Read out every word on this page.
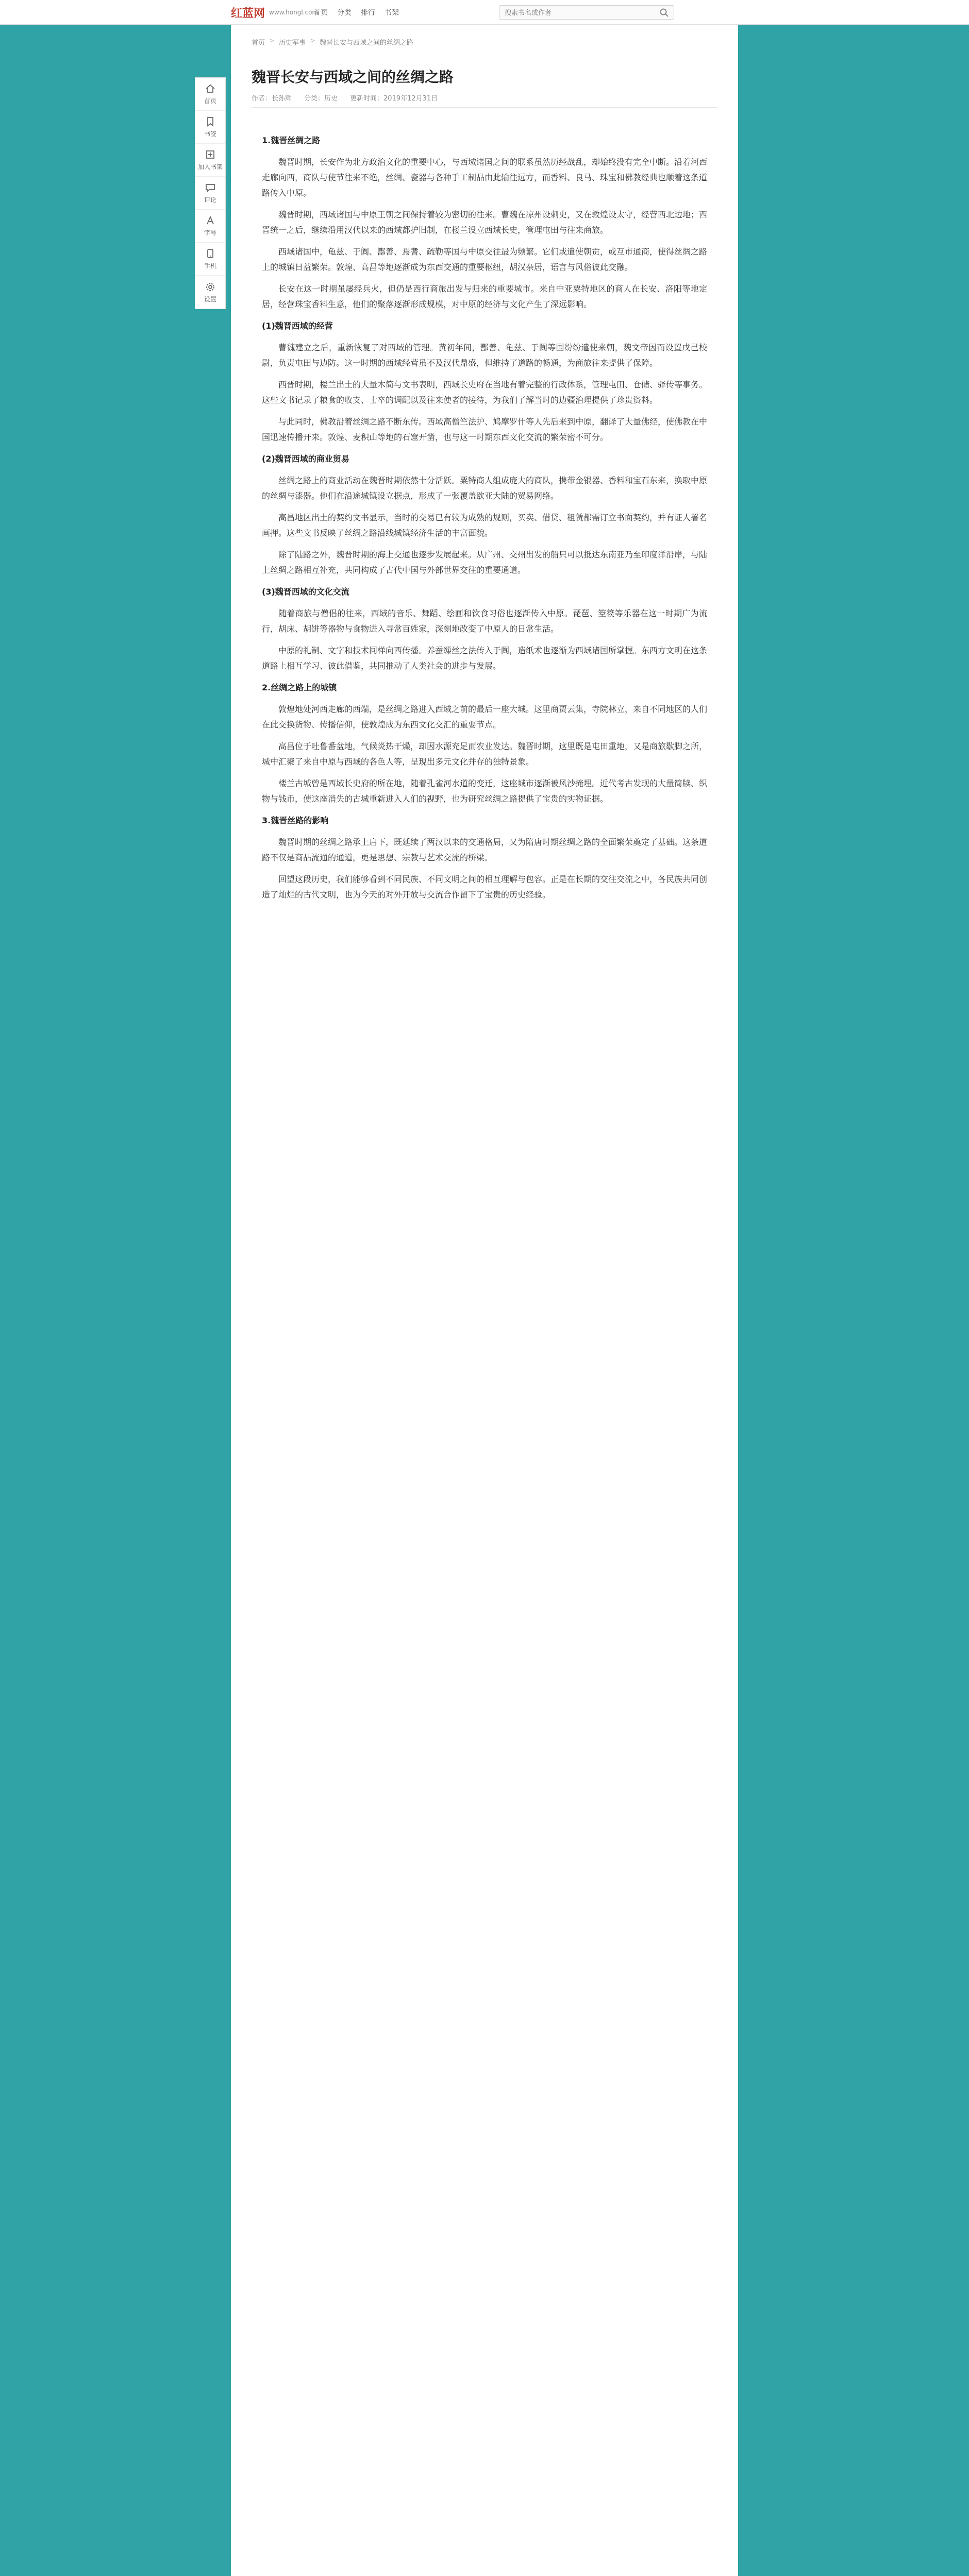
红蓝网 www.hongl.com
首页 分类 排行 书架
搜索书名或作者
首页
书签
加入书架
评论
字号
手机
设置
首页 > 历史军事 > 魏晋长安与西域之间的丝绸之路
魏晋长安与西域之间的丝绸之路
作者：长孙辉 分类：历史 更新时间：2019年12月31日

1.魏晋丝绸之路

魏晋时期，长安作为北方政治文化的重要中心，与西域诸国之间的联系虽然历经战乱，却始终没有完全中断。沿着河西走廊向西，商队与使节往来不绝，丝绸、瓷器与各种手工制品由此输往远方，而香料、良马、珠宝和佛教经典也顺着这条道路传入中原。

魏晋时期，西域诸国与中原王朝之间保持着较为密切的往来。曹魏在凉州设刺史，又在敦煌设太守，经营西北边地；西晋统一之后，继续沿用汉代以来的西域都护旧制，在楼兰设立西域长史，管理屯田与往来商旅。

西域诸国中，龟兹、于阗、鄯善、焉耆、疏勒等国与中原交往最为频繁。它们或遣使朝贡，或互市通商，使得丝绸之路上的城镇日益繁荣。敦煌、高昌等地逐渐成为东西交通的重要枢纽，胡汉杂居，语言与风俗彼此交融。

长安在这一时期虽屡经兵火，但仍是西行商旅出发与归来的重要城市。来自中亚粟特地区的商人在长安、洛阳等地定居，经营珠宝香料生意，他们的聚落逐渐形成规模，对中原的经济与文化产生了深远影响。

(1)魏晋西域的经营

曹魏建立之后，重新恢复了对西域的管理。黄初年间，鄯善、龟兹、于阗等国纷纷遣使来朝，魏文帝因而设置戊己校尉，负责屯田与边防。这一时期的西域经营虽不及汉代鼎盛，但维持了道路的畅通，为商旅往来提供了保障。

西晋时期，楼兰出土的大量木简与文书表明，西域长史府在当地有着完整的行政体系，管理屯田、仓储、驿传等事务。这些文书记录了粮食的收支、士卒的调配以及往来使者的接待，为我们了解当时的边疆治理提供了珍贵资料。

与此同时，佛教沿着丝绸之路不断东传。西域高僧竺法护、鸠摩罗什等人先后来到中原，翻译了大量佛经，使佛教在中国迅速传播开来。敦煌、麦积山等地的石窟开凿，也与这一时期东西文化交流的繁荣密不可分。

(2)魏晋西域的商业贸易

丝绸之路上的商业活动在魏晋时期依然十分活跃。粟特商人组成庞大的商队，携带金银器、香料和宝石东来，换取中原的丝绸与漆器。他们在沿途城镇设立据点，形成了一张覆盖欧亚大陆的贸易网络。

高昌地区出土的契约文书显示，当时的交易已有较为成熟的规则，买卖、借贷、租赁都需订立书面契约，并有证人署名画押。这些文书反映了丝绸之路沿线城镇经济生活的丰富面貌。

除了陆路之外，魏晋时期的海上交通也逐步发展起来。从广州、交州出发的船只可以抵达东南亚乃至印度洋沿岸，与陆上丝绸之路相互补充，共同构成了古代中国与外部世界交往的重要通道。

(3)魏晋西域的文化交流

随着商旅与僧侣的往来，西域的音乐、舞蹈、绘画和饮食习俗也逐渐传入中原。琵琶、箜篌等乐器在这一时期广为流行，胡床、胡饼等器物与食物进入寻常百姓家，深刻地改变了中原人的日常生活。

中原的礼制、文字和技术同样向西传播。养蚕缫丝之法传入于阗，造纸术也逐渐为西域诸国所掌握。东西方文明在这条道路上相互学习、彼此借鉴，共同推动了人类社会的进步与发展。

2.丝绸之路上的城镇

敦煌地处河西走廊的西端，是丝绸之路进入西域之前的最后一座大城。这里商贾云集，寺院林立，来自不同地区的人们在此交换货物、传播信仰，使敦煌成为东西文化交汇的重要节点。

高昌位于吐鲁番盆地，气候炎热干燥，却因水源充足而农业发达。魏晋时期，这里既是屯田重地，又是商旅歇脚之所，城中汇聚了来自中原与西域的各色人等，呈现出多元文化并存的独特景象。

楼兰古城曾是西域长史府的所在地，随着孔雀河水道的变迁，这座城市逐渐被风沙掩埋。近代考古发现的大量简牍、织物与钱币，使这座消失的古城重新进入人们的视野，也为研究丝绸之路提供了宝贵的实物证据。

3.魏晋丝路的影响

魏晋时期的丝绸之路承上启下，既延续了两汉以来的交通格局，又为隋唐时期丝绸之路的全面繁荣奠定了基础。这条道路不仅是商品流通的通道，更是思想、宗教与艺术交流的桥梁。

回望这段历史，我们能够看到不同民族、不同文明之间的相互理解与包容。正是在长期的交往交流之中，各民族共同创造了灿烂的古代文明，也为今天的对外开放与交流合作留下了宝贵的历史经验。
